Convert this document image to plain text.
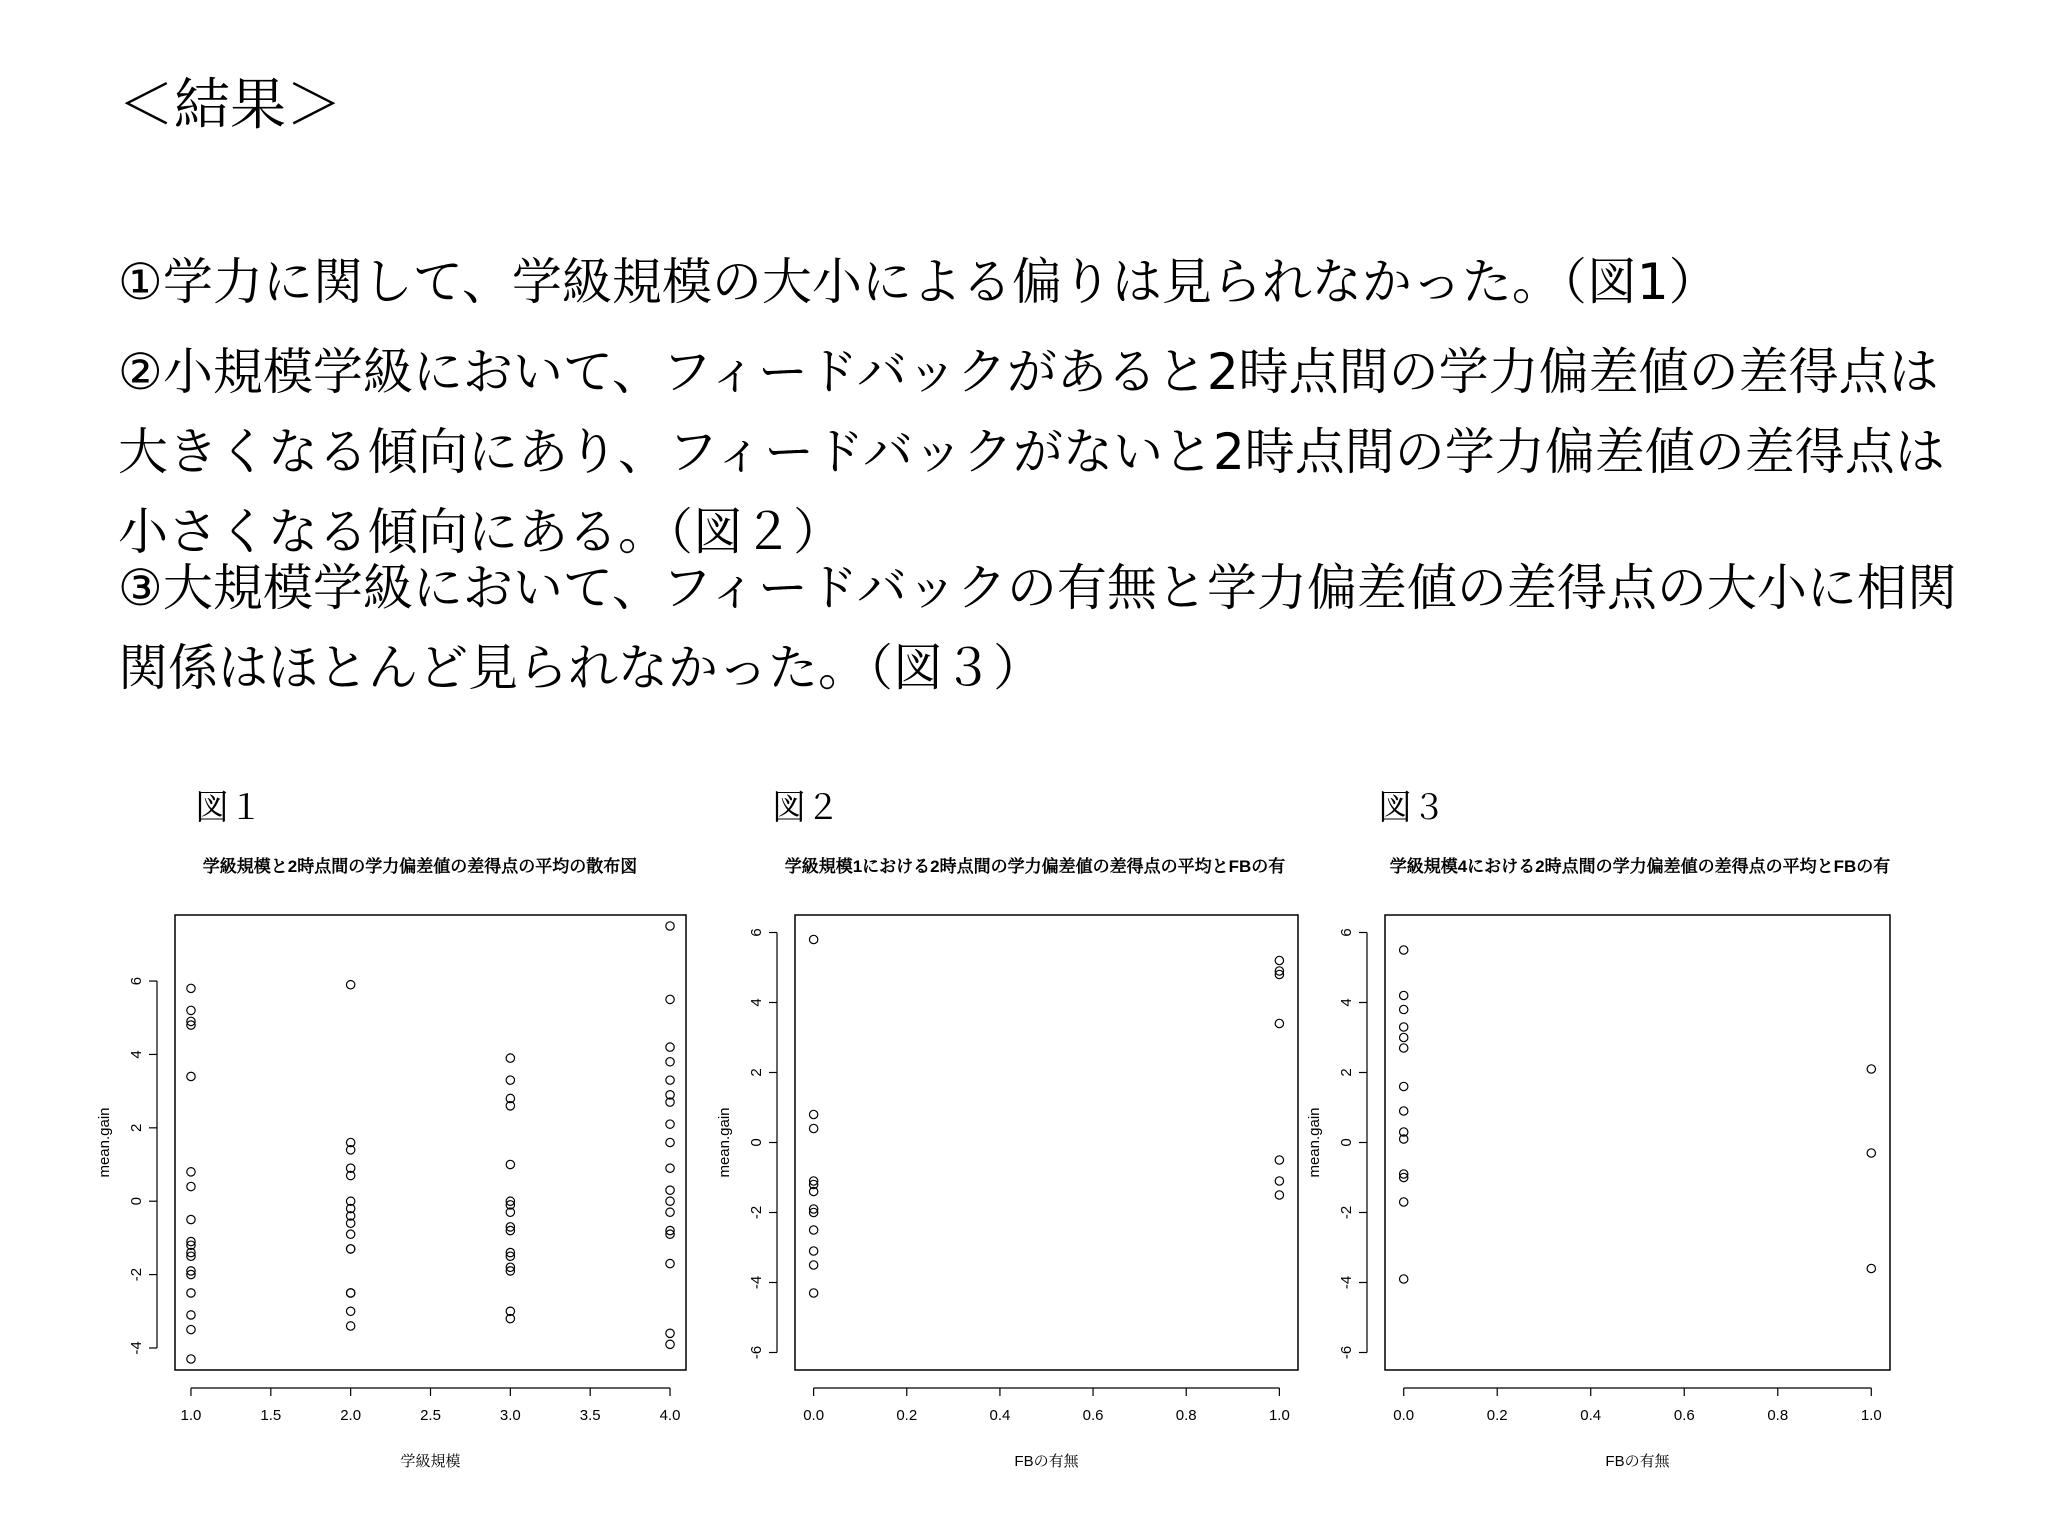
＜結果＞
①学力に関して、学級規模の大小による偏りは見られなかった。（図1）
②小規模学級において、フィードバックがあると2時点間の学力偏差値の差得点は大きくなる傾向にあり、フィードバックがないと2時点間の学力偏差値の差得点は小さくなる傾向にある。（図２）
③大規模学級において、フィードバックの有無と学力偏差値の差得点の大小に相関関係はほとんど見られなかった。（図３）
図１	図２	図３
学級規模と2時点間の学力偏差値の差得点の平均の散布図
1.0	1.5	2.0	2.5	3.0	3.5	4.0
学級規模
-4
-2
0
2
4
6
mean.gain
学級規模1における2時点間の学力偏差値の差得点の平均とFBの有
0.0	0.2	0.4	0.6	0.8	1.0
FBの有無
-6
-4
-2
0
2
4
6
mean.gain
学級規模4における2時点間の学力偏差値の差得点の平均とFBの有
0.0	0.2	0.4	0.6	0.8	1.0
FBの有無
-6
-4
-2
0
2
4
6
mean.gain
